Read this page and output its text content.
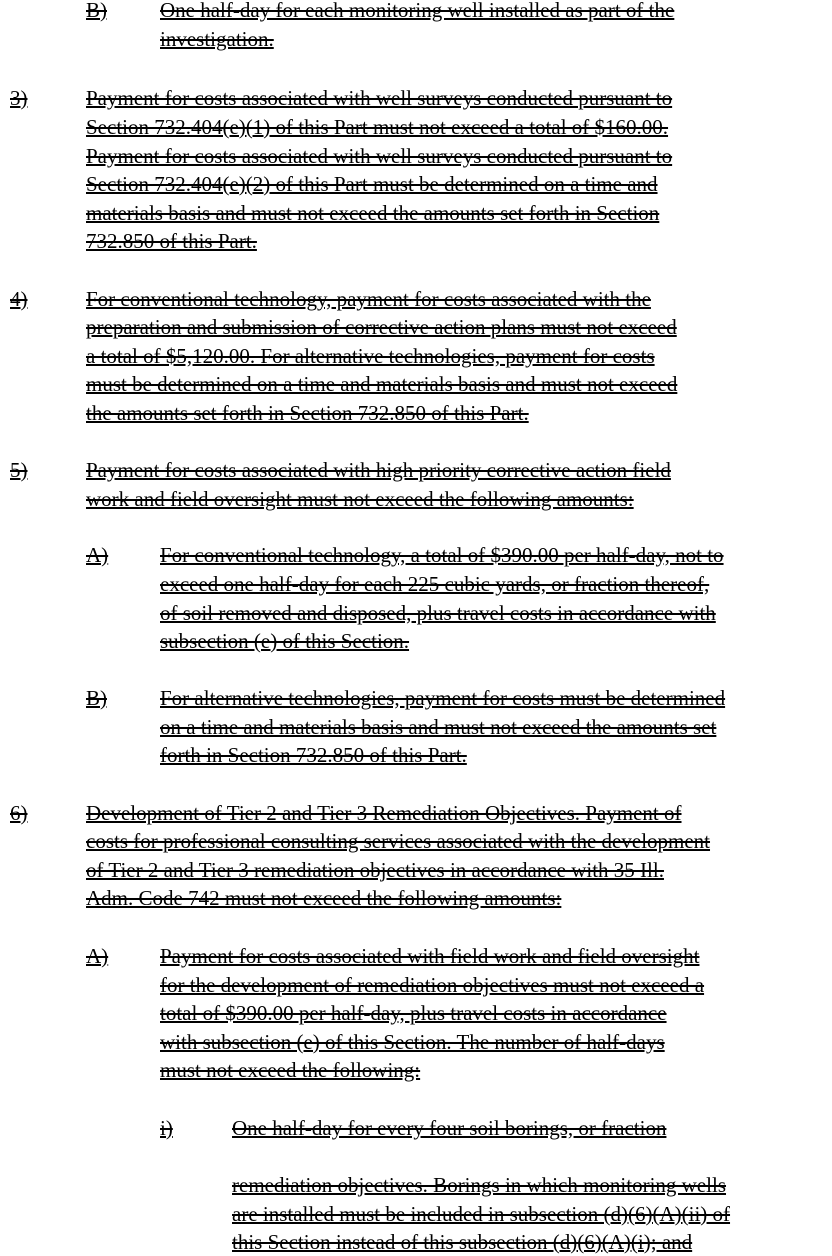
B)	One half-day for each monitoring well installed as part of the
investigation.
3)	Payment for costs associated with well surveys conducted pursuant to
Section 732.404(e)(1) of this Part must not exceed a total of $160.00.
Payment for costs associated with well surveys conducted pursuant to
Section 732.404(e)(2) of this Part must be determined on a time and
materials basis and must not exceed the amounts set forth in Section
732.850 of this Part.
4)	For conventional technology, payment for costs associated with the
preparation and submission of corrective action plans must not exceed
a total of $5,120.00. For alternative technologies, payment for costs
must be determined on a time and materials basis and must not exceed
the amounts set forth in Section 732.850 of this Part.
5)	Payment for costs associated with high priority corrective action field
work and field oversight must not exceed the following amounts:
A) For conventional technology, a total of $390.00 per half-day, not to
exceed one half-day for each 225 cubic yards, or fraction thereof,
of soil removed and disposed, plus travel costs in accordance with
subsection (e) of this Section.
B)	For alternative technologies, payment for costs must be determined
on a time and materials basis and must not exceed the amounts set
forth in Section 732.850 of this Part.
6)	Development of Tier 2 and Tier 3 Remediation Objectives. Payment of
costs for professional consulting services associated with the development
of Tier 2 and Tier 3 remediation objectives in accordance with 35 Ill.
Adm. Code 742 must not exceed the following amounts:
A) Payment for costs associated with field work and field oversight
for the development of remediation objectives must not exceed a
total of $390.00 per half-day, plus travel costs in accordance
with subsection (e) of this Section. The number of half-days
must not exceed the following:
i)	One half-day for every four soil borings, or fraction
remediation objectives. Borings in which monitoring wells
are installed must be included in subsection (d)(6)(A)(ii) of
this Section instead of this subsection (d)(6)(A)(i); and
